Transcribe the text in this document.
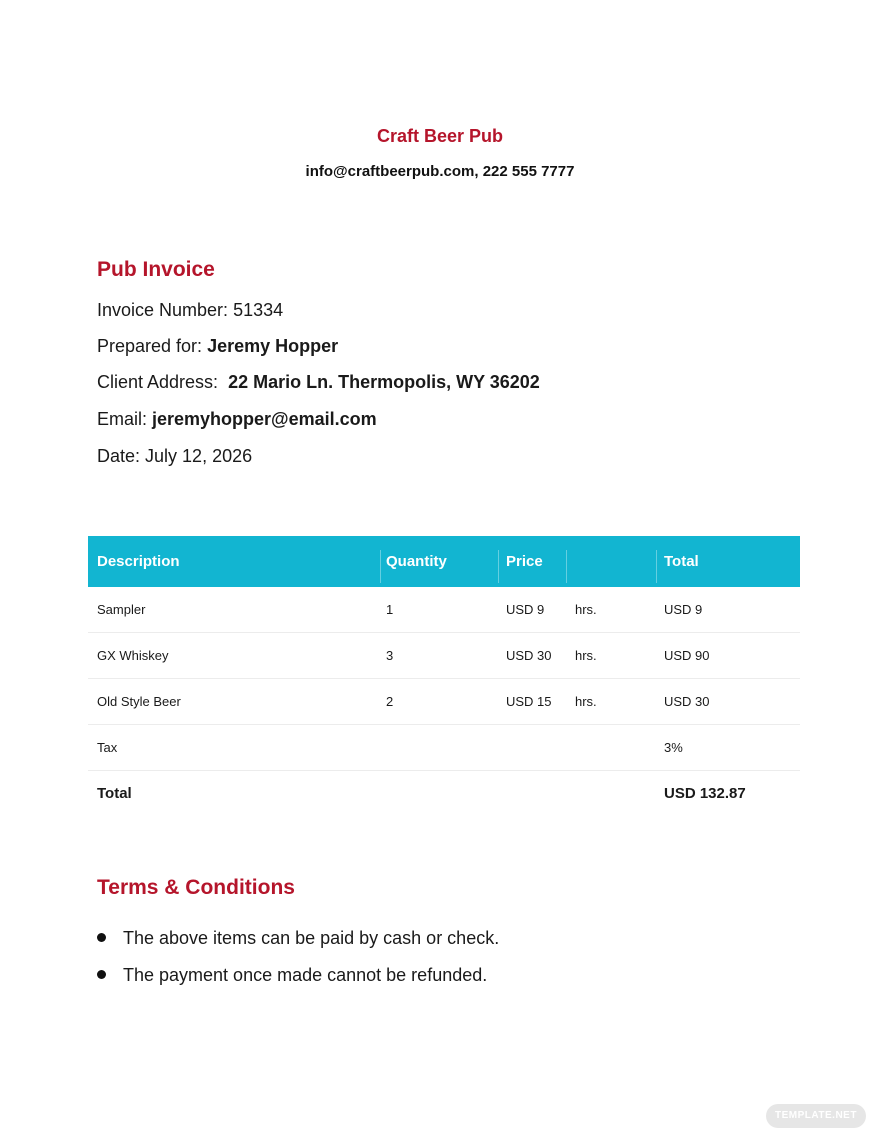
Craft Beer Pub
info@craftbeerpub.com, 222 555 7777
Pub Invoice
Invoice Number: 51334
Prepared for: Jeremy Hopper
Client Address:  22 Mario Ln. Thermopolis, WY 36202
Email: jeremyhopper@email.com
Date: July 12, 2026
Description	Quantity	Price	Total
Sampler	1	USD 9 hrs.	USD 9
GX Whiskey	3	USD 30 hrs.	USD 90
Old Style Beer	2	USD 15 hrs.	USD 30
Tax	3%
Total	USD 132.87
Terms & Conditions
The above items can be paid by cash or check.
The payment once made cannot be refunded.
TEMPLATE.NET
